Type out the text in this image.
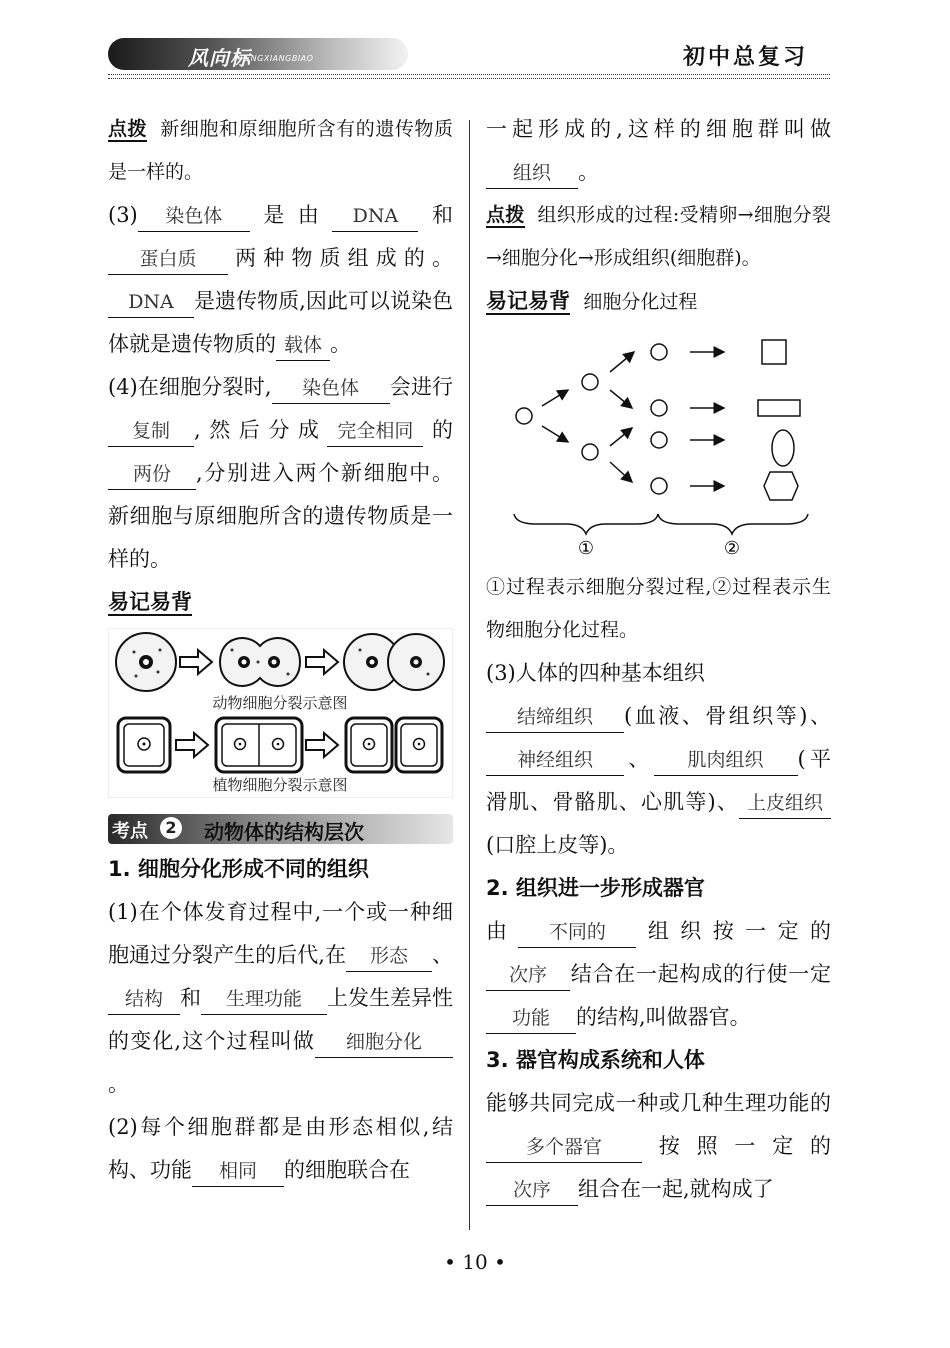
风向标
FENGXIANGBIAO	初中总复习

点拨 新细胞和原细胞所含有的遗传物质是一样的。

(3) 染色体 是由 DNA 和蛋白质 两种物质组成的。DNA 是遗传物质,因此可以说染色体就是遗传物质的 载体 。

(4)在细胞分裂时, 染色体 会进行复制 ,然后分成 完全相同 的两份 ,分别进入两个新细胞中。新细胞与原细胞所含的遗传物质是一样的。

易记易背

动物细胞分裂示意图
植物细胞分裂示意图
考点	2 动物体的结构层次

1. 细胞分化形成不同的组织

(1)在个体发育过程中,一个或一种细胞通过分裂产生的后代,在 形态 、结构 和 生理功能 上发生差异性的变化,这个过程叫做 细胞分化。

(2)每个细胞群都是由形态相似,结构、功能 相同 的细胞联合在

一起形成的,这样的细胞群叫做组织 。

点拨 组织形成的过程:受精卵→细胞分裂→细胞分化→形成组织(细胞群)。

易记易背 细胞分化过程

①	②

①过程表示细胞分裂过程,②过程表示生物细胞分化过程。

(3)人体的四种基本组织

结缔组织 (血液、骨组织等)、神经组织 、 肌肉组织 (平滑肌、骨骼肌、心肌等)、 上皮组织(口腔上皮等)。

2. 组织进一步形成器官

由 不同的 组织按一定的次序 结合在一起构成的行使一定功能 的结构,叫做器官。

3. 器官构成系统和人体

能够共同完成一种或几种生理功能的多个器官 按照一定的次序 组合在一起,就构成了

• 10 •
